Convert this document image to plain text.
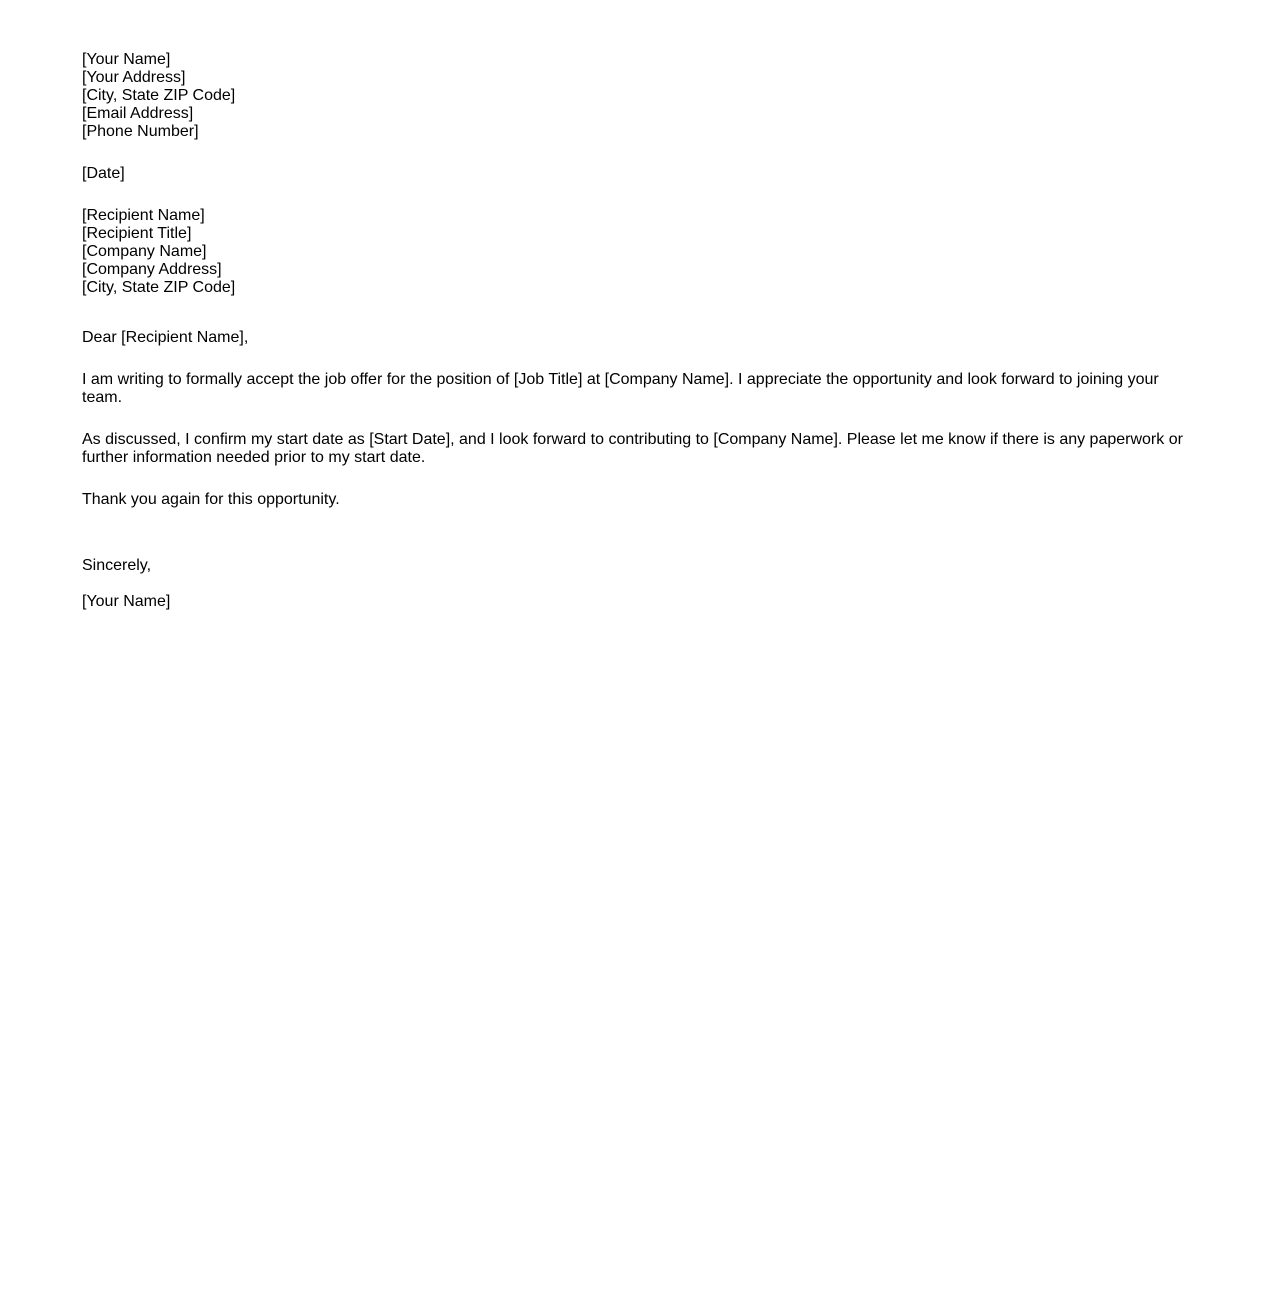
[Your Name]
[Your Address]
[City, State ZIP Code]
[Email Address]
[Phone Number]
[Date]
[Recipient Name]
[Recipient Title]
[Company Name]
[Company Address]
[City, State ZIP Code]

Dear [Recipient Name],

I am writing to formally accept the job offer for the position of [Job Title] at [Company Name]. I appreciate the opportunity and look forward to joining your team.

As discussed, I confirm my start date as [Start Date], and I look forward to contributing to [Company Name]. Please let me know if there is any paperwork or further information needed prior to my start date.

Thank you again for this opportunity.

Sincerely,

[Your Name]
